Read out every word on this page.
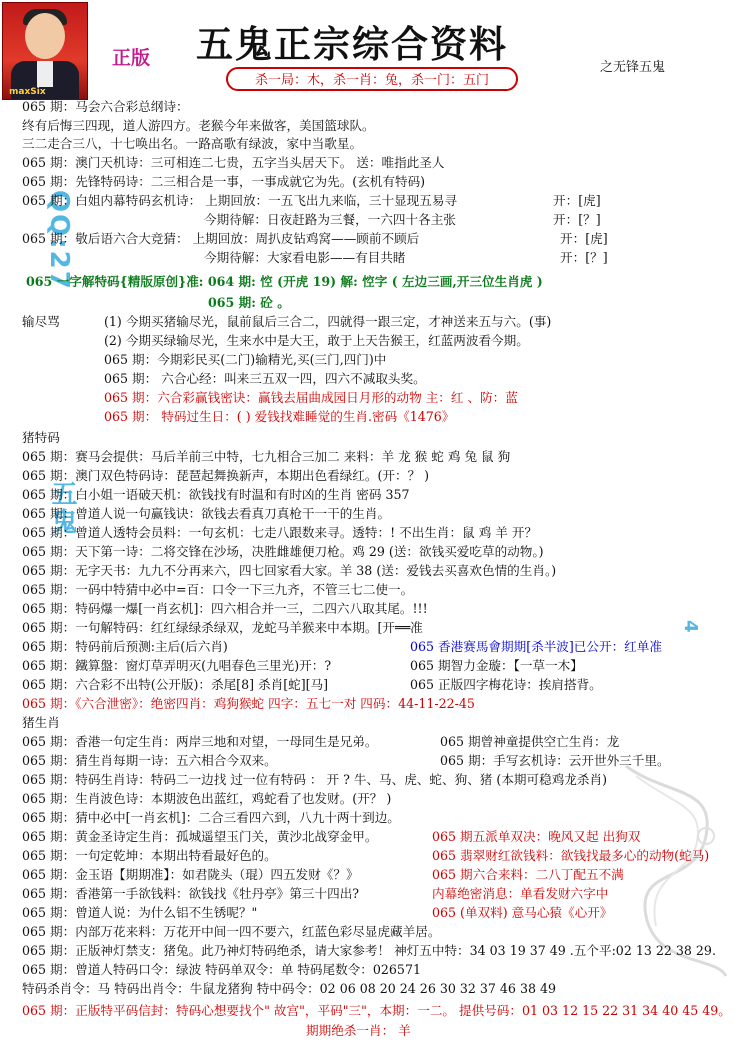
maxSix
正版 五鬼正宗综合资料
之无锋五鬼
杀一局：木，杀一肖：兔，杀一门：五门
QQ:27
4
五鬼
065 期：马会六合彩总纲诗：
终有后悔三四现，道人游四方。老猴今年来做客，美国篮球队。
三二走合三八，十七唤出名。一路高歌有绿波，家中当歌星。
065 期：澳门天机诗：三可相连二七贵，五字当头居天下。 送：唯指此圣人
065 期：先锋特码诗：二三相合是一事，一事成就它为先。(玄机有特码)
065 期：白姐内幕特码玄机诗： 上期回放：一五飞出九来临，三十显现五易寻	开：[虎]
今期待解：日夜赶路为三餐，一六四十各主张	开：[？]
065 期：敬后语六合大竞猜： 上期回放：周扒皮钻鸡窝——顾前不顾后	开：[虎]
今期待解：大家看电影——有目共睹	开：[？]
065 一字解特码{精版原创}准: 064 期: 悾 (开虎 19) 解: 悾字 ( 左边三画,开三位生肖虎 )
065 期: 砼 。
输尽骂	(1) 今期买猪输尽光，鼠前鼠后三合二，四就得一跟三定，才神送来五与六。(事)
(2) 今期买绿输尽光，生来水中是大王，敢于上天告猴王，红蓝两波看今期。
065 期：今期彩民买(二门)输精光,买(三门,四门)中
065 期： 六合心经：叫来三五双一四，四六不减取头奖。
065 期：六合彩赢钱密诀：赢钱去届曲成园日月形的动物 主：红 、防：蓝
065 期： 特码过生日：( ) 爱钱找难睡觉的生肖.密码《1476》
猪特码
065 期：赛马会提供：马后羊前三中特，七九相合三加二 来料：羊 龙 猴 蛇 鸡 兔 鼠 狗
065 期：澳门双色特码诗：琵琶起舞换新声，本期出色看绿红。(开：？ )
065 期：白小姐一语破天机：欲钱找有时温和有时凶的生肖 密码 357
065 期：曾道人说一句赢钱诀：欲钱去看真刀真枪干一干的生肖。
065 期：曾道人透特会员料：一句玄机：七走八跟数来寻。透特：! 不出生肖：鼠 鸡 羊 开？
065 期：天下第一诗：二将交锋在沙场，决胜雌雄便刀枪。鸡 29 (送：欲钱买爱吃草的动物。)
065 期：无字天书：九九不分再来六，四七回家看大家。羊 38 (送：爱钱去买喜欢色情的生肖。)
065 期：一码中特猜中必中=百：口令一下三九齐，不管三七二使一。
065 期：特码爆一爆[一肖玄机]：四六相合并一三，二四六八取其尾。!!!
065 期：一句解特码：红红绿绿杀绿双，龙蛇马羊猴来中本期。[开══准
065 期：特码前后预测:主后(后六肖)	065 香港赛馬會期期[杀半波]已公开：红单准
065 期：鐵算盤：窗灯草弄明灭(九唱春色三里光)开：?	065 期智力金璇：【一草一木】
065 期：六合彩不出特(公开版)：杀尾[8] 杀肖[蛇][马]	065 正版四字梅花诗：挨肩搭背。
065 期：《六合泄密》：绝密四肖：鸡狗猴蛇 四字：五七一对 四码：44-11-22-45
猪生肖
065 期：香港一句定生肖：两岸三地和对望，一母同生是兄弟。	065 期曾神童提供空亡生肖：龙
065 期：猜生肖每期一诗：五六相合今双来。	065 期：手写玄机诗：云开世外三千里。
065 期：特码生肖诗：特码二一边找 过一位有特码 ： 开 ? 牛、马、虎、蛇、狗、猪 (本期可稳鸡龙杀肖)
065 期：生肖波色诗：本期波色出蓝红，鸡蛇看了也发财。(开？ )
065 期：猜中必中[一肖玄机]：二合三看四六到，八九十两十到边。
065 期：黄金圣诗定生肖：孤城遥望玉门关，黄沙北战穿金甲。	065 期五派单双决：晚风又起 出狗双
065 期：一句定乾坤：本期出特看最好色的。	065 翡翠财红欲钱料：欲钱找最多心的动物(蛇马)
065 期：金玉语【期期准】：如君陇头（琨）四五发财《？》	065 期六合来料：二八丁配五不满
065 期：香港第一手欲钱料：欲钱找《牡丹亭》第三十四出?	内幕绝密消息：单看发财六字中
065 期：曾道人说：为什么铝不生锈呢？"	065 (单双料) 意马心猿《心开》
065 期：内部万花来料：万花开中间一四不要六，红蓝色彩尽显虎藏羊居。
065 期：正版神灯禁支：猪兔。此乃神灯特码绝杀，请大家参考！ 神灯五中特：34 03 19 37 49 .五个平:02 13 22 38 29.
065 期：曾道人特码口令：绿波 特码单双令：单 特码尾数令：026571
特码杀肖令：马 特码出肖令：牛鼠龙猪狗 特中码令：02 06 08 20 24 26 30 32 37 46 38 49
065 期：正版特平码信封：特码心想要找个" 故宫"，平码"三"，本期：一二。 提供号码：01 03 12 15 22 31 34 40 45 49。
期期绝杀一肖： 羊
